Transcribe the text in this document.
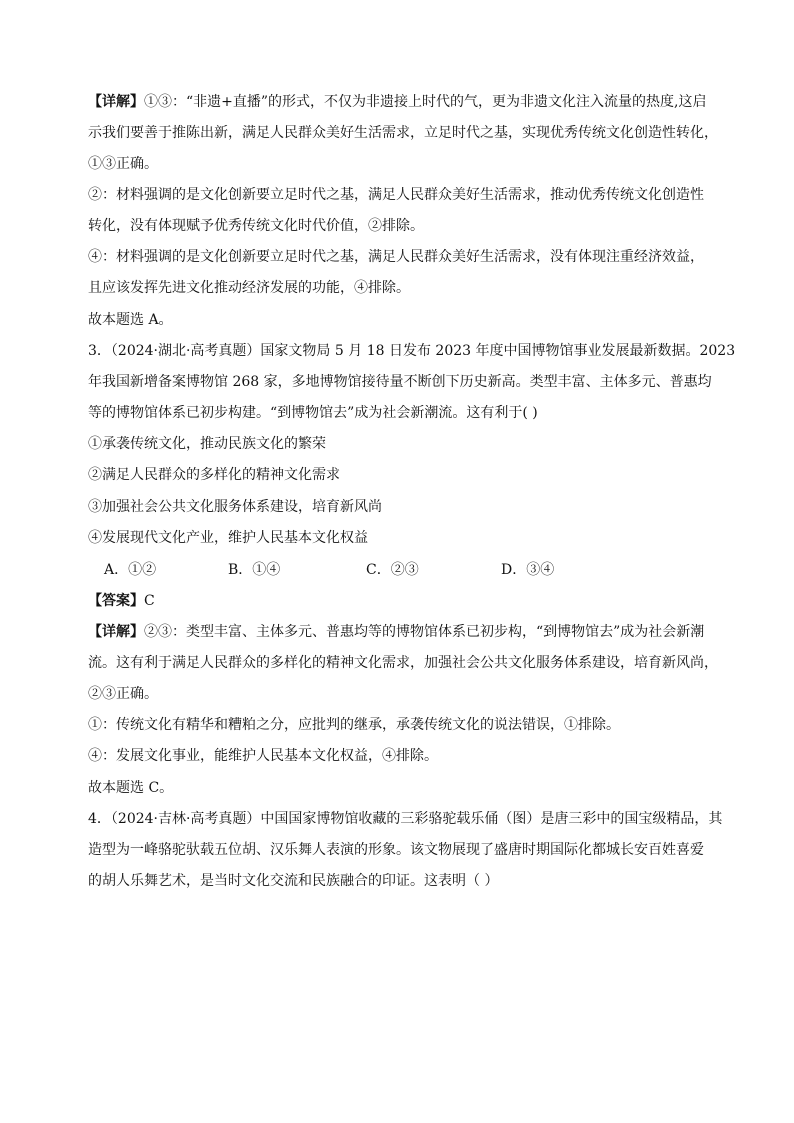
【详解】①③：“非遗+直播”的形式，不仅为非遗接上时代的气，更为非遗文化注入流量的热度,这启
示我们要善于推陈出新，满足人民群众美好生活需求，立足时代之基，实现优秀传统文化创造性转化，
①③正确。
②：材料强调的是文化创新要立足时代之基，满足人民群众美好生活需求，推动优秀传统文化创造性
转化，没有体现赋予优秀传统文化时代价值，②排除。
④：材料强调的是文化创新要立足时代之基，满足人民群众美好生活需求，没有体现注重经济效益，
且应该发挥先进文化推动经济发展的功能，④排除。
故本题选 A。
3．（2024·湖北·高考真题）国家文物局 5 月 18 日发布 2023 年度中国博物馆事业发展最新数据。2023
年我国新增备案博物馆 268 家，多地博物馆接待量不断创下历史新高。类型丰富、主体多元、普惠均
等的博物馆体系已初步构建。“到博物馆去”成为社会新潮流。这有利于( )
①承袭传统文化，推动民族文化的繁荣
②满足人民群众的多样化的精神文化需求
③加强社会公共文化服务体系建设，培育新风尚
④发展现代文化产业，维护人民基本文化权益
A．①②	B．①④	C．②③	D．③④
【答案】C
【详解】②③：类型丰富、主体多元、普惠均等的博物馆体系已初步构，“到博物馆去”成为社会新潮
流。这有利于满足人民群众的多样化的精神文化需求，加强社会公共文化服务体系建设，培育新风尚，
②③正确。
①：传统文化有精华和糟粕之分，应批判的继承，承袭传统文化的说法错误，①排除。
④：发展文化事业，能维护人民基本文化权益，④排除。
故本题选 C。
4．（2024·吉林·高考真题）中国国家博物馆收藏的三彩骆驼载乐俑（图）是唐三彩中的国宝级精品，其
造型为一峰骆驼驮载五位胡、汉乐舞人表演的形象。该文物展现了盛唐时期国际化都城长安百姓喜爱
的胡人乐舞艺术，是当时文化交流和民族融合的印证。这表明（ ）
